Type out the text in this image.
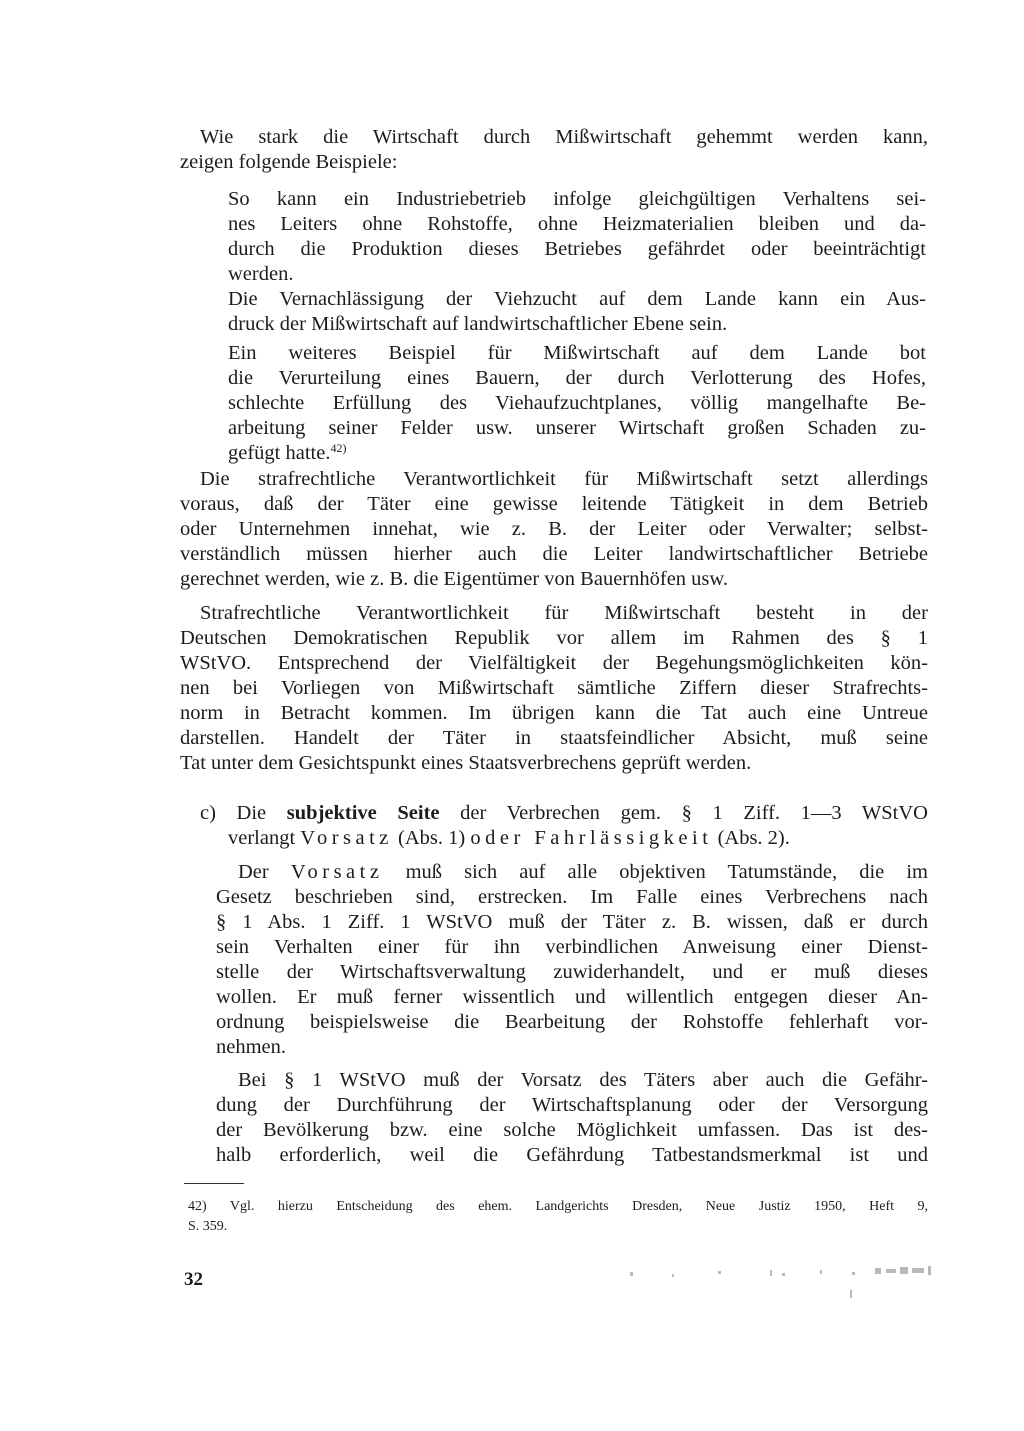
Wie stark die Wirtschaft durch Mißwirtschaft gehemmt werden kann,

zeigen folgende Beispiele:

So kann ein Industriebetrieb infolge gleichgültigen Verhaltens sei-

nes Leiters ohne Rohstoffe, ohne Heizmaterialien bleiben und da-

durch die Produktion dieses Betriebes gefährdet oder beeinträchtigt

werden.

Die Vernachlässigung der Viehzucht auf dem Lande kann ein Aus-

druck der Mißwirtschaft auf landwirtschaftlicher Ebene sein.

Ein weiteres Beispiel für Mißwirtschaft auf dem Lande bot

die Verurteilung eines Bauern, der durch Verlotterung des Hofes,

schlechte Erfüllung des Viehaufzuchtplanes, völlig mangelhafte Be-

arbeitung seiner Felder usw. unserer Wirtschaft großen Schaden zu-

gefügt hatte.$^{42)}$

Die strafrechtliche Verantwortlichkeit für Mißwirtschaft setzt allerdings

voraus, daß der Täter eine gewisse leitende Tätigkeit in dem Betrieb

oder Unternehmen innehat, wie z. B. der Leiter oder Verwalter; selbst-

verständlich müssen hierher auch die Leiter landwirtschaftlicher Betriebe

gerechnet werden, wie z. B. die Eigentümer von Bauernhöfen usw.

Strafrechtliche Verantwortlichkeit für Mißwirtschaft besteht in der

Deutschen Demokratischen Republik vor allem im Rahmen des § 1

WStVO. Entsprechend der Vielfältigkeit der Begehungsmöglichkeiten kön-

nen bei Vorliegen von Mißwirtschaft sämtliche Ziffern dieser Strafrechts-

norm in Betracht kommen. Im übrigen kann die Tat auch eine Untreue

darstellen. Handelt der Täter in staatsfeindlicher Absicht, muß seine

Tat unter dem Gesichtspunkt eines Staatsverbrechens geprüft werden.

c) Die subjektive Seite der Verbrechen gem. § 1 Ziff. 1—3 WStVO

verlangt Vorsatz (Abs. 1) oder Fahrlässigkeit (Abs. 2).

Der Vorsatz muß sich auf alle objektiven Tatumstände, die im

Gesetz beschrieben sind, erstrecken. Im Falle eines Verbrechens nach

§ 1 Abs. 1 Ziff. 1 WStVO muß der Täter z. B. wissen, daß er durch

sein Verhalten einer für ihn verbindlichen Anweisung einer Dienst-

stelle der Wirtschaftsverwaltung zuwiderhandelt, und er muß dieses

wollen. Er muß ferner wissentlich und willentlich entgegen dieser An-

ordnung beispielsweise die Bearbeitung der Rohstoffe fehlerhaft vor-

nehmen.

Bei § 1 WStVO muß der Vorsatz des Täters aber auch die Gefähr-

dung der Durchführung der Wirtschaftsplanung oder der Versorgung

der Bevölkerung bzw. eine solche Möglichkeit umfassen. Das ist des-

halb erforderlich, weil die Gefährdung Tatbestandsmerkmal ist und

42) Vgl. hierzu Entscheidung des ehem. Landgerichts Dresden, Neue Justiz 1950, Heft 9,

S. 359.

32
